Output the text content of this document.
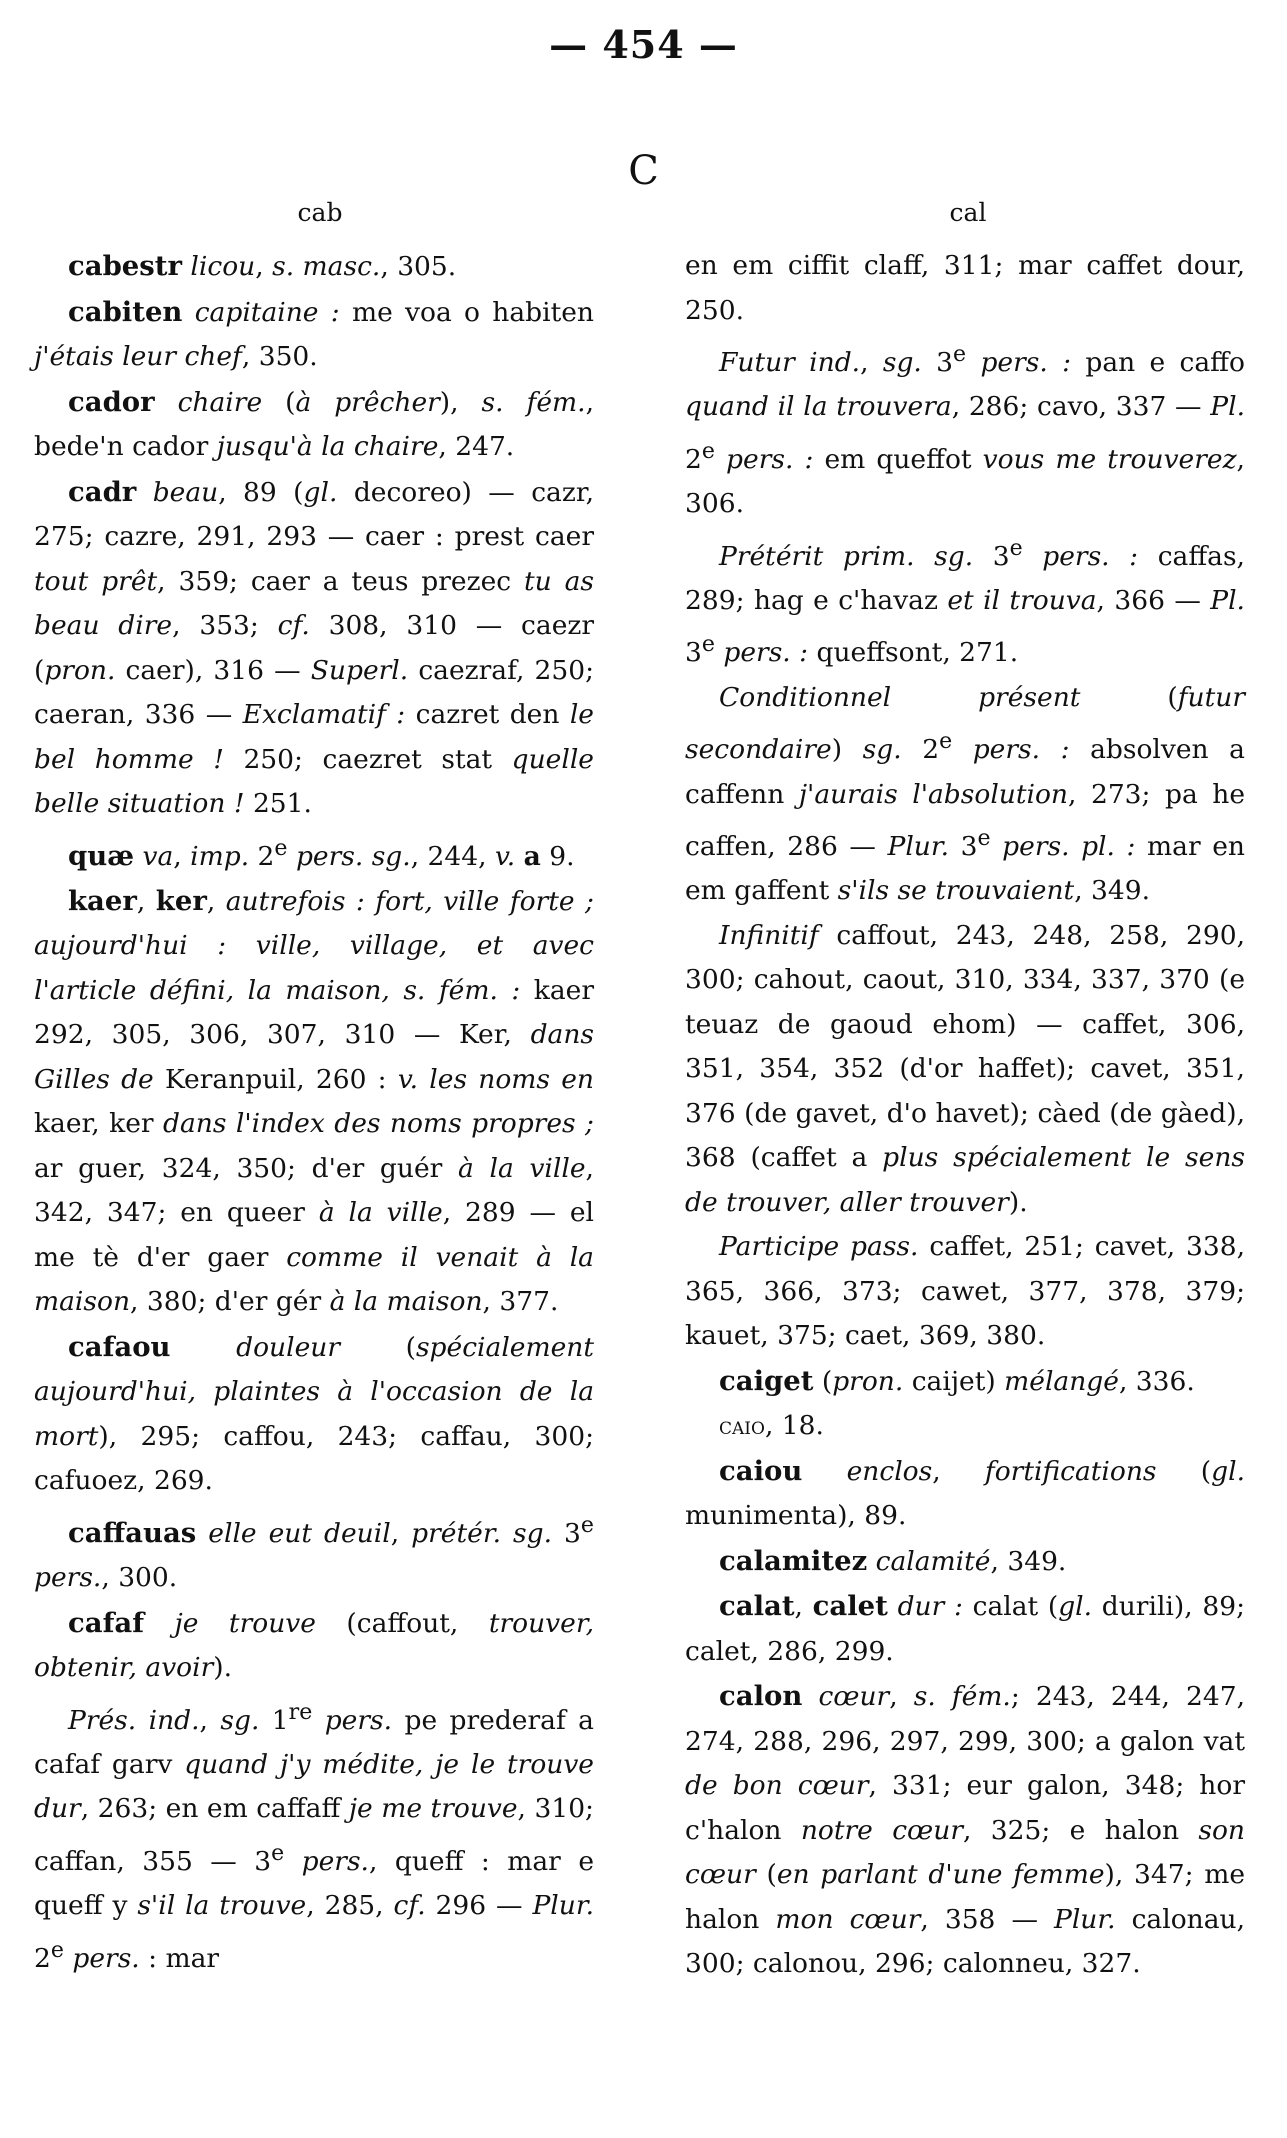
— 454 —
C
cab	cal

cabestr licou, s. masc., 305.

cabiten capitaine : me voa o habiten j'étais leur chef, 350.

cador chaire (à prêcher), s. fém., bede'n cador jusqu'à la chaire, 247.

cadr beau, 89 (gl. decoreo) — cazr, 275; cazre, 291, 293 — caer : prest caer tout prêt, 359; caer a teus prezec tu as beau dire, 353; cf. 308, 310 — caezr (pron. caer), 316 — Superl. caezraf, 250; caeran, 336 — Exclamatif : cazret den le bel homme ! 250; caezret stat quelle belle situation ! 251.

quæ va, imp. 2e pers. sg., 244, v. a 9.

kaer, ker, autrefois : fort, ville forte ; aujourd'hui : ville, village, et avec l'article défini, la maison, s. fém. : kaer 292, 305, 306, 307, 310 — Ker, dans Gilles de Keranpuil, 260 : v. les noms en kaer, ker dans l'index des noms propres ; ar guer, 324, 350; d'er guér à la ville, 342, 347; en queer à la ville, 289 — el me tè d'er gaer comme il venait à la maison, 380; d'er gér à la maison, 377.

cafaou douleur (spécialement aujourd'hui, plaintes à l'occasion de la mort), 295; caffou, 243; caffau, 300; cafuoez, 269.

caffauas elle eut deuil, prétér. sg. 3e pers., 300.

cafaf je trouve (caffout, trouver, obtenir, avoir).

Prés. ind., sg. 1re pers. pe prederaf a cafaf garv quand j'y médite, je le trouve dur, 263; en em caffaff je me trouve, 310; caffan, 355 — 3e pers., queff : mar e queff y s'il la trouve, 285, cf. 296 — Plur. 2e pers. : mar

en em ciffit claff, 311; mar caffet dour, 250.

Futur ind., sg. 3e pers. : pan e caffo quand il la trouvera, 286; cavo, 337 — Pl. 2e pers. : em queffot vous me trouverez, 306.

Prétérit prim. sg. 3e pers. : caffas, 289; hag e c'havaz et il trouva, 366 — Pl. 3e pers. : queffsont, 271.

Conditionnel présent (futur secondaire) sg. 2e pers. : absolven a caffenn j'aurais l'absolution, 273; pa he caffen, 286 — Plur. 3e pers. pl. : mar en em gaffent s'ils se trouvaient, 349.

Infinitif caffout, 243, 248, 258, 290, 300; cahout, caout, 310, 334, 337, 370 (e teuaz de gaoud ehom) — caffet, 306, 351, 354, 352 (d'or haffet); cavet, 351, 376 (de gavet, d'o havet); càed (de gàed), 368 (caffet a plus spécialement le sens de trouver, aller trouver).

Participe pass. caffet, 251; cavet, 338, 365, 366, 373; cawet, 377, 378, 379; kauet, 375; caet, 369, 380.

caiget (pron. caijet) mélangé, 336.

caio, 18.

caiou enclos, fortifications (gl. munimenta), 89.

calamitez calamité, 349.

calat, calet dur : calat (gl. durili), 89; calet, 286, 299.

calon cœur, s. fém.; 243, 244, 247, 274, 288, 296, 297, 299, 300; a galon vat de bon cœur, 331; eur galon, 348; hor c'halon notre cœur, 325; e halon son cœur (en parlant d'une femme), 347; me halon mon cœur, 358 — Plur. calonau, 300; calonou, 296; calonneu, 327.
